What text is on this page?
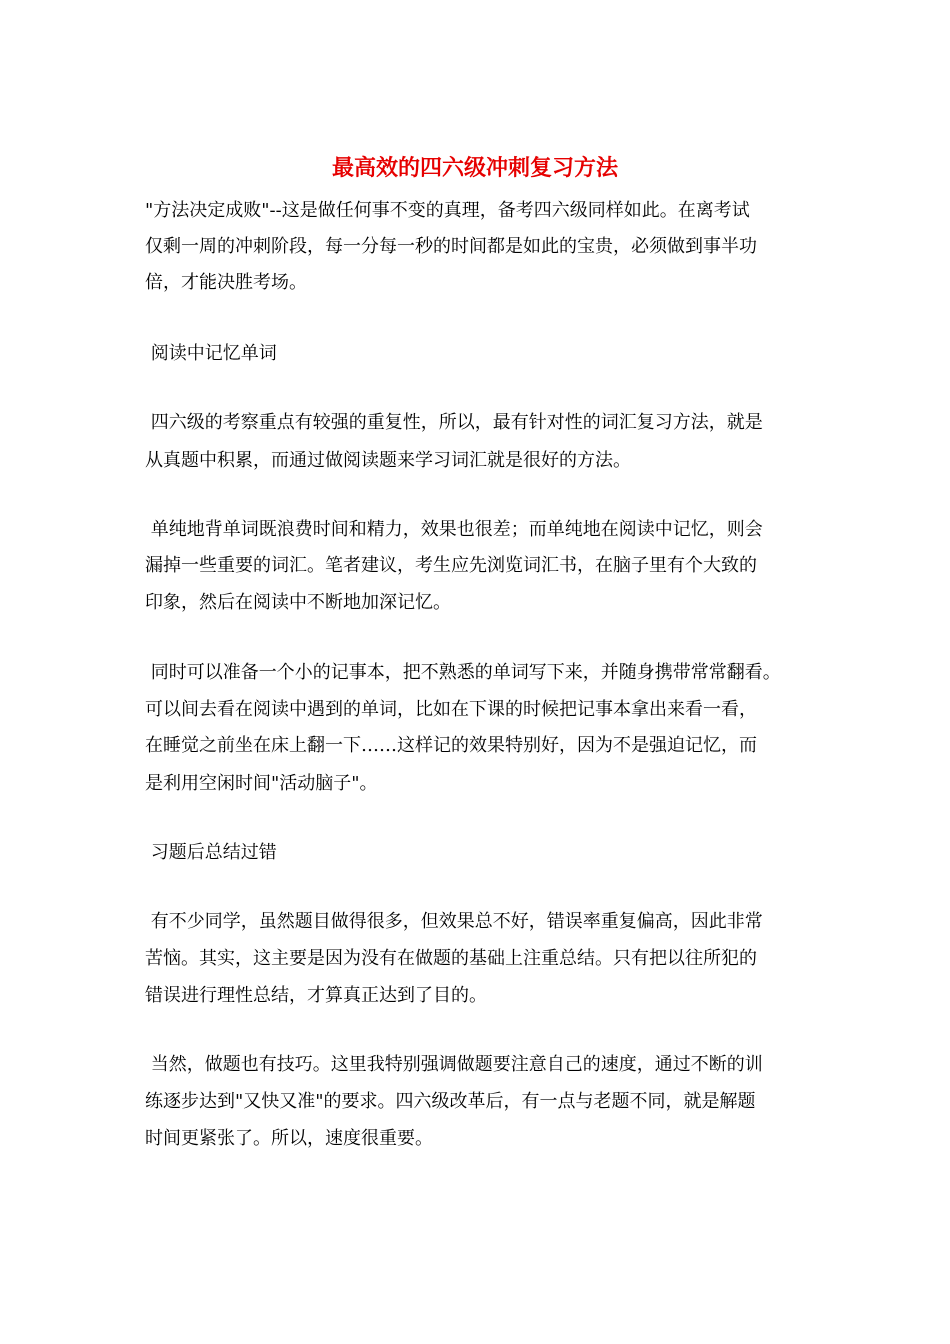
最高效的四六级冲刺复习方法
"方法决定成败"--这是做任何事不变的真理，备考四六级同样如此。在离考试
仅剩一周的冲刺阶段，每一分每一秒的时间都是如此的宝贵，必须做到事半功
倍，才能决胜考场。
阅读中记忆单词
四六级的考察重点有较强的重复性，所以，最有针对性的词汇复习方法，就是
从真题中积累，而通过做阅读题来学习词汇就是很好的方法。
单纯地背单词既浪费时间和精力，效果也很差；而单纯地在阅读中记忆，则会
漏掉一些重要的词汇。笔者建议，考生应先浏览词汇书，在脑子里有个大致的
印象，然后在阅读中不断地加深记忆。
同时可以准备一个小的记事本，把不熟悉的单词写下来，并随身携带常常翻看。
可以间去看在阅读中遇到的单词，比如在下课的时候把记事本拿出来看一看，
在睡觉之前坐在床上翻一下……这样记的效果特别好，因为不是强迫记忆，而
是利用空闲时间"活动脑子"。
习题后总结过错
有不少同学，虽然题目做得很多，但效果总不好，错误率重复偏高，因此非常
苦恼。其实，这主要是因为没有在做题的基础上注重总结。只有把以往所犯的
错误进行理性总结，才算真正达到了目的。
当然，做题也有技巧。这里我特别强调做题要注意自己的速度，通过不断的训
练逐步达到"又快又准"的要求。四六级改革后，有一点与老题不同，就是解题
时间更紧张了。所以，速度很重要。
